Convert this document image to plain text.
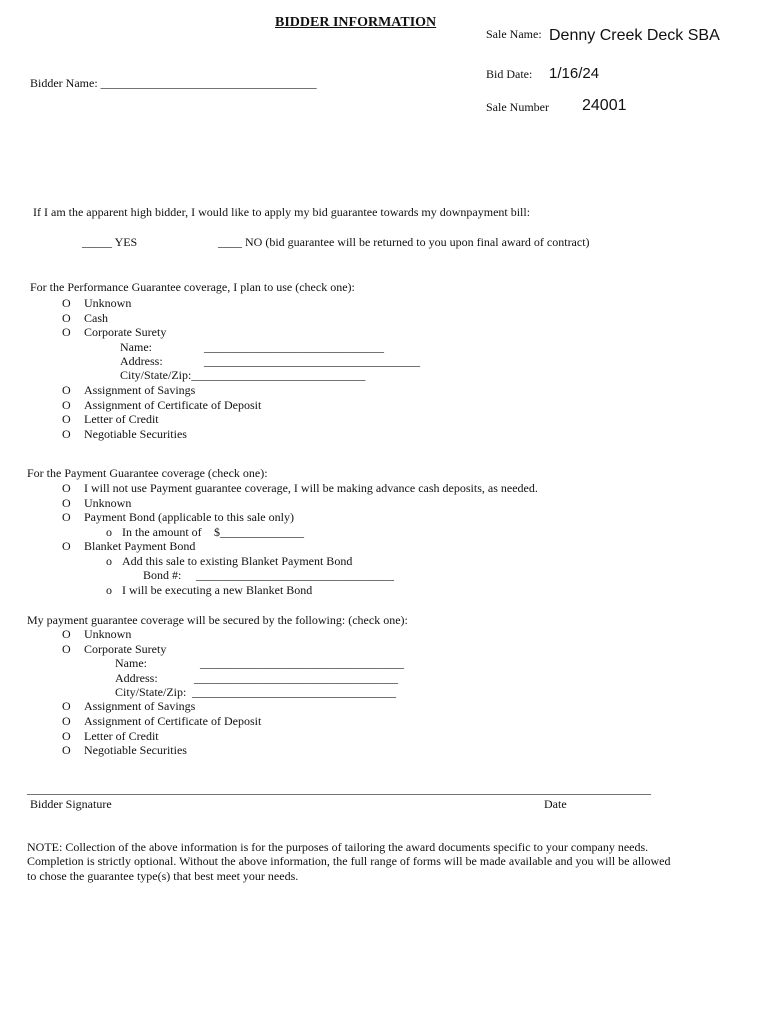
BIDDER INFORMATION
Bidder Name: ____________________________________
Sale Name: Denny Creek Deck SBA
Bid Date: 1/16/24
Sale Number 24001
If I am the apparent high bidder, I would like to apply my bid guarantee towards my downpayment bill:
_____ YES	____ NO (bid guarantee will be returned to you upon final award of contract)
For the Performance Guarantee coverage, I plan to use (check one):
O Unknown
O Cash
O Corporate Surety
Name:	______________________________
Address:	____________________________________
City/State/Zip:_____________________________
O Assignment of Savings
O Assignment of Certificate of Deposit
O Letter of Credit
O Negotiable Securities
For the Payment Guarantee coverage (check one):
O I will not use Payment guarantee coverage, I will be making advance cash deposits, as needed.
O Unknown
O Payment Bond (applicable to this sale only)
o In the amount of $______________
O Blanket Payment Bond
o Add this sale to existing Blanket Payment Bond
Bond #: _________________________________
o I will be executing a new Blanket Bond
My payment guarantee coverage will be secured by the following: (check one):
O Unknown
O Corporate Surety
Name:	__________________________________
Address:	__________________________________
City/State/Zip: __________________________________
O Assignment of Savings
O Assignment of Certificate of Deposit
O Letter of Credit
O Negotiable Securities
________________________________________________________________________________________________________
Bidder Signature	Date
NOTE: Collection of the above information is for the purposes of tailoring the award documents specific to your company needs.
Completion is strictly optional. Without the above information, the full range of forms will be made available and you will be allowed
to chose the guarantee type(s) that best meet your needs.
